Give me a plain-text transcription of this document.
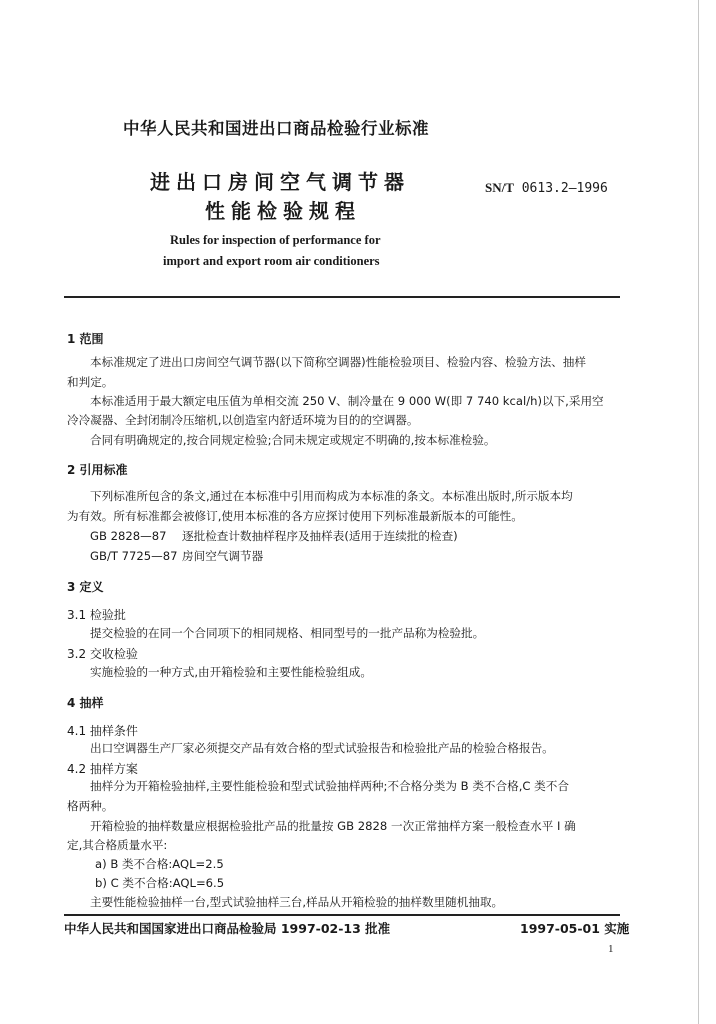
中华人民共和国进出口商品检验行业标准
进出口房间空气调节器
性能检验规程
SN/T 0613.2—1996
Rules for inspection of performance for
import and export room air conditioners
1 范围
本标准规定了进出口房间空气调节器(以下简称空调器)性能检验项目、检验内容、检验方法、抽样
和判定。
本标准适用于最大额定电压值为单相交流 250 V、制冷量在 9 000 W(即 7 740 kcal/h)以下,采用空
冷冷凝器、全封闭制冷压缩机,以创造室内舒适环境为目的的空调器。
合同有明确规定的,按合同规定检验;合同未规定或规定不明确的,按本标准检验。
2 引用标准
下列标准所包含的条文,通过在本标准中引用而构成为本标准的条文。本标准出版时,所示版本均
为有效。所有标准都会被修订,使用本标准的各方应探讨使用下列标准最新版本的可能性。
GB 2828—87 逐批检查计数抽样程序及抽样表(适用于连续批的检查)
GB/T 7725—87 房间空气调节器
3 定义
3.1 检验批
提交检验的在同一个合同项下的相同规格、相同型号的一批产品称为检验批。
3.2 交收检验
实施检验的一种方式,由开箱检验和主要性能检验组成。
4 抽样
4.1 抽样条件
出口空调器生产厂家必须提交产品有效合格的型式试验报告和检验批产品的检验合格报告。
4.2 抽样方案
抽样分为开箱检验抽样,主要性能检验和型式试验抽样两种;不合格分类为 B 类不合格,C 类不合
格两种。
开箱检验的抽样数量应根据检验批产品的批量按 GB 2828 一次正常抽样方案一般检查水平 I 确
定,其合格质量水平:
a) B 类不合格:AQL=2.5
b) C 类不合格:AQL=6.5
主要性能检验抽样一台,型式试验抽样三台,样品从开箱检验的抽样数里随机抽取。
中华人民共和国国家进出口商品检验局 1997-02-13 批准	1997-05-01 实施
1
